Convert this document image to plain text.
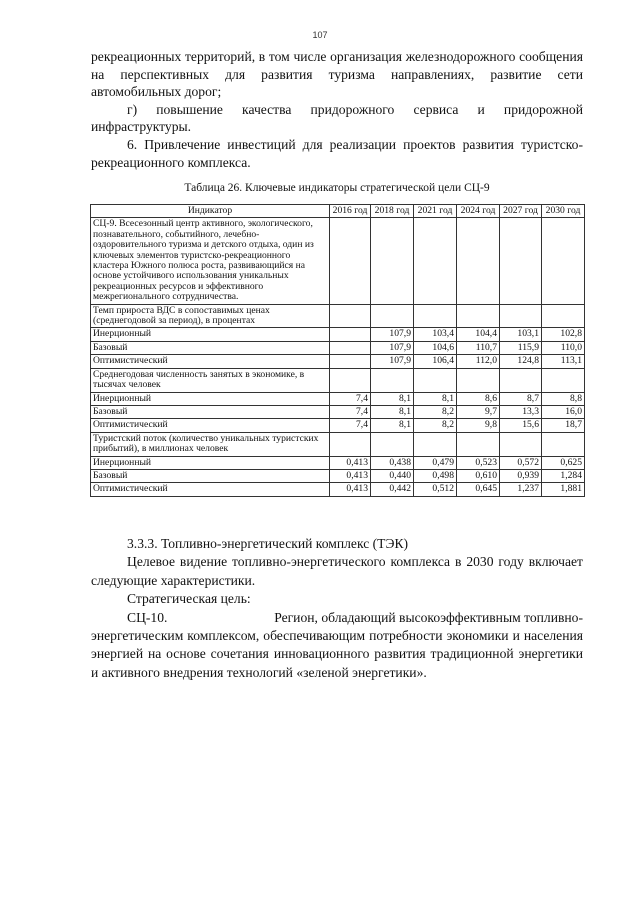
107

рекреационных территорий, в том числе организация железнодорожного сообщения на перспективных для развития туризма направлениях, развитие сети автомобильных дорог;

г) повышение качества придорожного сервиса и придорожной инфраструктуры.

6. Привлечение инвестиций для реализации проектов развития туристско-рекреационного комплекса.

Таблица 26. Ключевые индикаторы стратегической цели СЦ-9
Индикатор	2016 год	2018 год	2021 год	2024 год	2027 год	2030 год
СЦ-9. Всесезонный центр активного, экологического, познавательного, событийного, лечебно-оздоровительного туризма и детского отдыха, один из ключевых элементов туристско-рекреационного кластера Южного полюса роста, развивающийся на основе устойчивого использования уникальных рекреационных ресурсов и эффективного межрегионального сотрудничества.						
Темп прироста ВДС в сопоставимых ценах (среднегодовой за период), в процентах						
Инерционный		107,9	103,4	104,4	103,1	102,8
Базовый		107,9	104,6	110,7	115,9	110,0
Оптимистический		107,9	106,4	112,0	124,8	113,1
Среднегодовая численность занятых в экономике, в тысячах человек						
Инерционный	7,4	8,1	8,1	8,6	8,7	8,8
Базовый	7,4	8,1	8,2	9,7	13,3	16,0
Оптимистический	7,4	8,1	8,2	9,8	15,6	18,7
Туристский поток (количество уникальных туристских прибытий), в миллионах человек						
Инерционный	0,413	0,438	0,479	0,523	0,572	0,625
Базовый	0,413	0,440	0,498	0,610	0,939	1,284
Оптимистический	0,413	0,442	0,512	0,645	1,237	1,881

3.3.3. Топливно-энергетический комплекс (ТЭК)

Целевое видение топливно-энергетического комплекса в 2030 году включает следующие характеристики.

Стратегическая цель:

СЦ-10.	Регион, обладающий высокоэффективным топливно-

энергетическим комплексом, обеспечивающим потребности экономики и населения энергией на основе сочетания инновационного развития традиционной энергетики и активного внедрения технологий «зеленой энергетики».
